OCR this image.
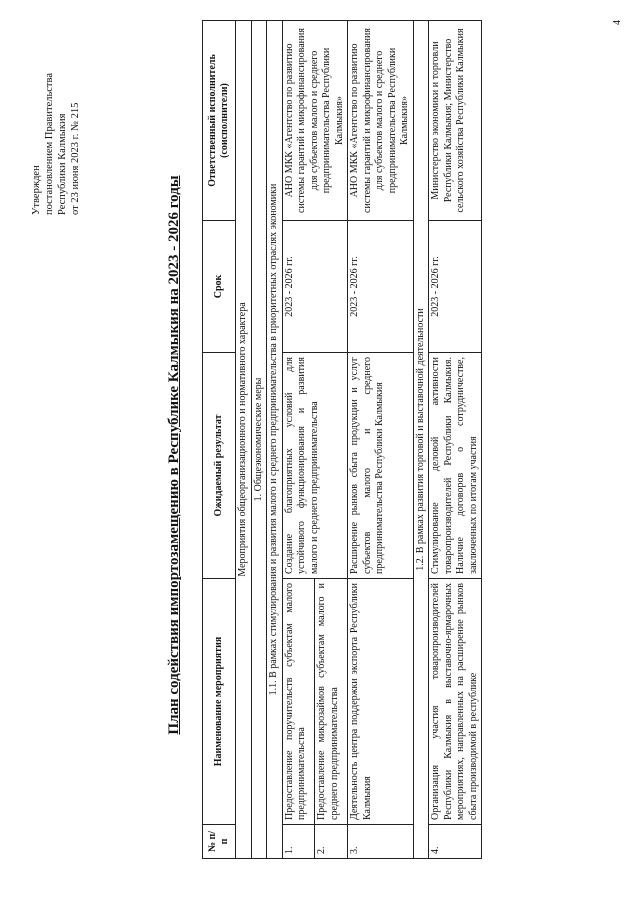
Утвержден постановлением Правительства Республики Калмыкия от 23 июня 2023 г. № 215
План содействия импортозамещению в Республике Калмыкия на 2023 - 2026 годы
№ п/п	Наименование мероприятия	Ожидаемый результат	Срок	Ответственный исполнитель (соисполнители)
Мероприятия общеорганизационного и нормативного характера				
1. Общеэкономические меры				
1.1. В рамках стимулирования и развития малого и среднего предпринимательства в приоритетных отраслях экономики				
1.	Предоставление поручительств субъектам малого предпринимательства	Создание благоприятных условий для устойчивого функционирования и развития малого и среднего предпринимательства	2023 - 2026 гг.	АНО МКК «Агентство по развитию системы гарантий и микрофинансирования для субъектов малого и среднего предпринимательства Республики Калмыкия»
2.	Предоставление микрозаймов субъектам малого и среднего предпринимательства			
3.	Деятельность центра поддержки экспорта Республики Калмыкия	Расширение рынков сбыта продукции и услуг субъектов малого и среднего предпринимательства Республики Калмыкия	2023 - 2026 гг.	АНО МКК «Агентство по развитию системы гарантий и микрофинансирования для субъектов малого и среднего предпринимательства Республики Калмыкия»
1.2. В рамках развития торговой и выставочной деятельности				
4.	Организация участия товаропроизводителей Республики Калмыкия в выставочно-ярмарочных мероприятиях, направленных на расширение рынков сбыта производимой в республике	Стимулирование деловой активности товаропроизводителей Республики Калмыкия. Наличие договоров о сотрудничестве, заключенных по итогам участия	2023 - 2026 гг.	Министерство экономики и торговли Республики Калмыкия; Министерство сельского хозяйства Республики Калмыкия
4
